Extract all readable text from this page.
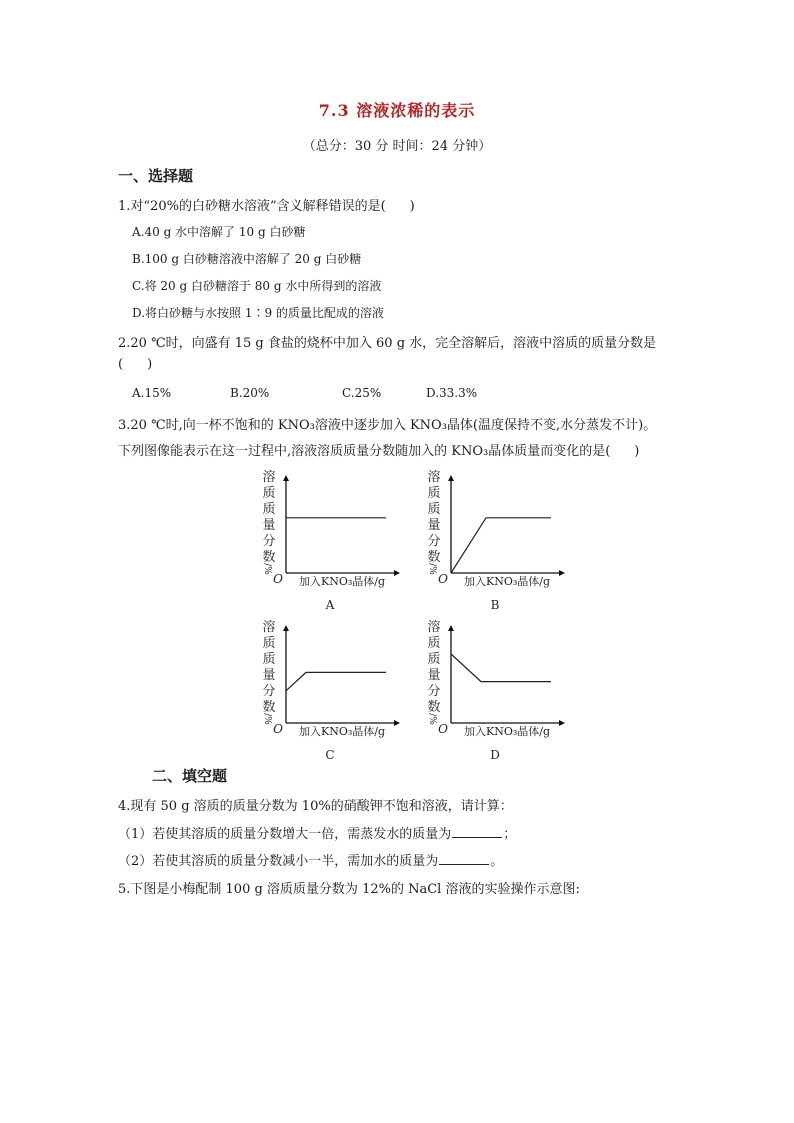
7.3 溶液浓稀的表示
（总分：30 分 时间：24 分钟）
一、选择题
1.对“20%的白砂糖水溶液”含义解释错误的是( )
A.40 g 水中溶解了 10 g 白砂糖
B.100 g 白砂糖溶液中溶解了 20 g 白砂糖
C.将 20 g 白砂糖溶于 80 g 水中所得到的溶液
D.将白砂糖与水按照 1∶9 的质量比配成的溶液
2.20 ℃时，向盛有 15 g 食盐的烧杯中加入 60 g 水，完全溶解后，溶液中溶质的质量分数是
( )
A.15%	B.20%	C.25%	D.33.3%
3.20 ℃时,向一杯不饱和的 KNO₃溶液中逐步加入 KNO₃晶体(温度保持不变,水分蒸发不计)。
下列图像能表示在这一过程中,溶液溶质质量分数随加入的 KNO₃晶体质量而变化的是( )
溶
质
质
量
分
数
/%
O 加入KNO₃晶体/g
A
溶
质
质
量
分
数
/%
O 加入KNO₃晶体/g
B
溶
质
质
量
分
数
/%
O 加入KNO₃晶体/g
C
溶
质
质
量
分
数
/%
O 加入KNO₃晶体/g
D
二、填空题
4.现有 50 g 溶质的质量分数为 10%的硝酸钾不饱和溶液，请计算：
（1）若使其溶质的质量分数增大一倍，需蒸发水的质量为	；
（2）若使其溶质的质量分数减小一半，需加水的质量为	。
5.下图是小梅配制 100 g 溶质质量分数为 12%的 NaCl 溶液的实验操作示意图:
